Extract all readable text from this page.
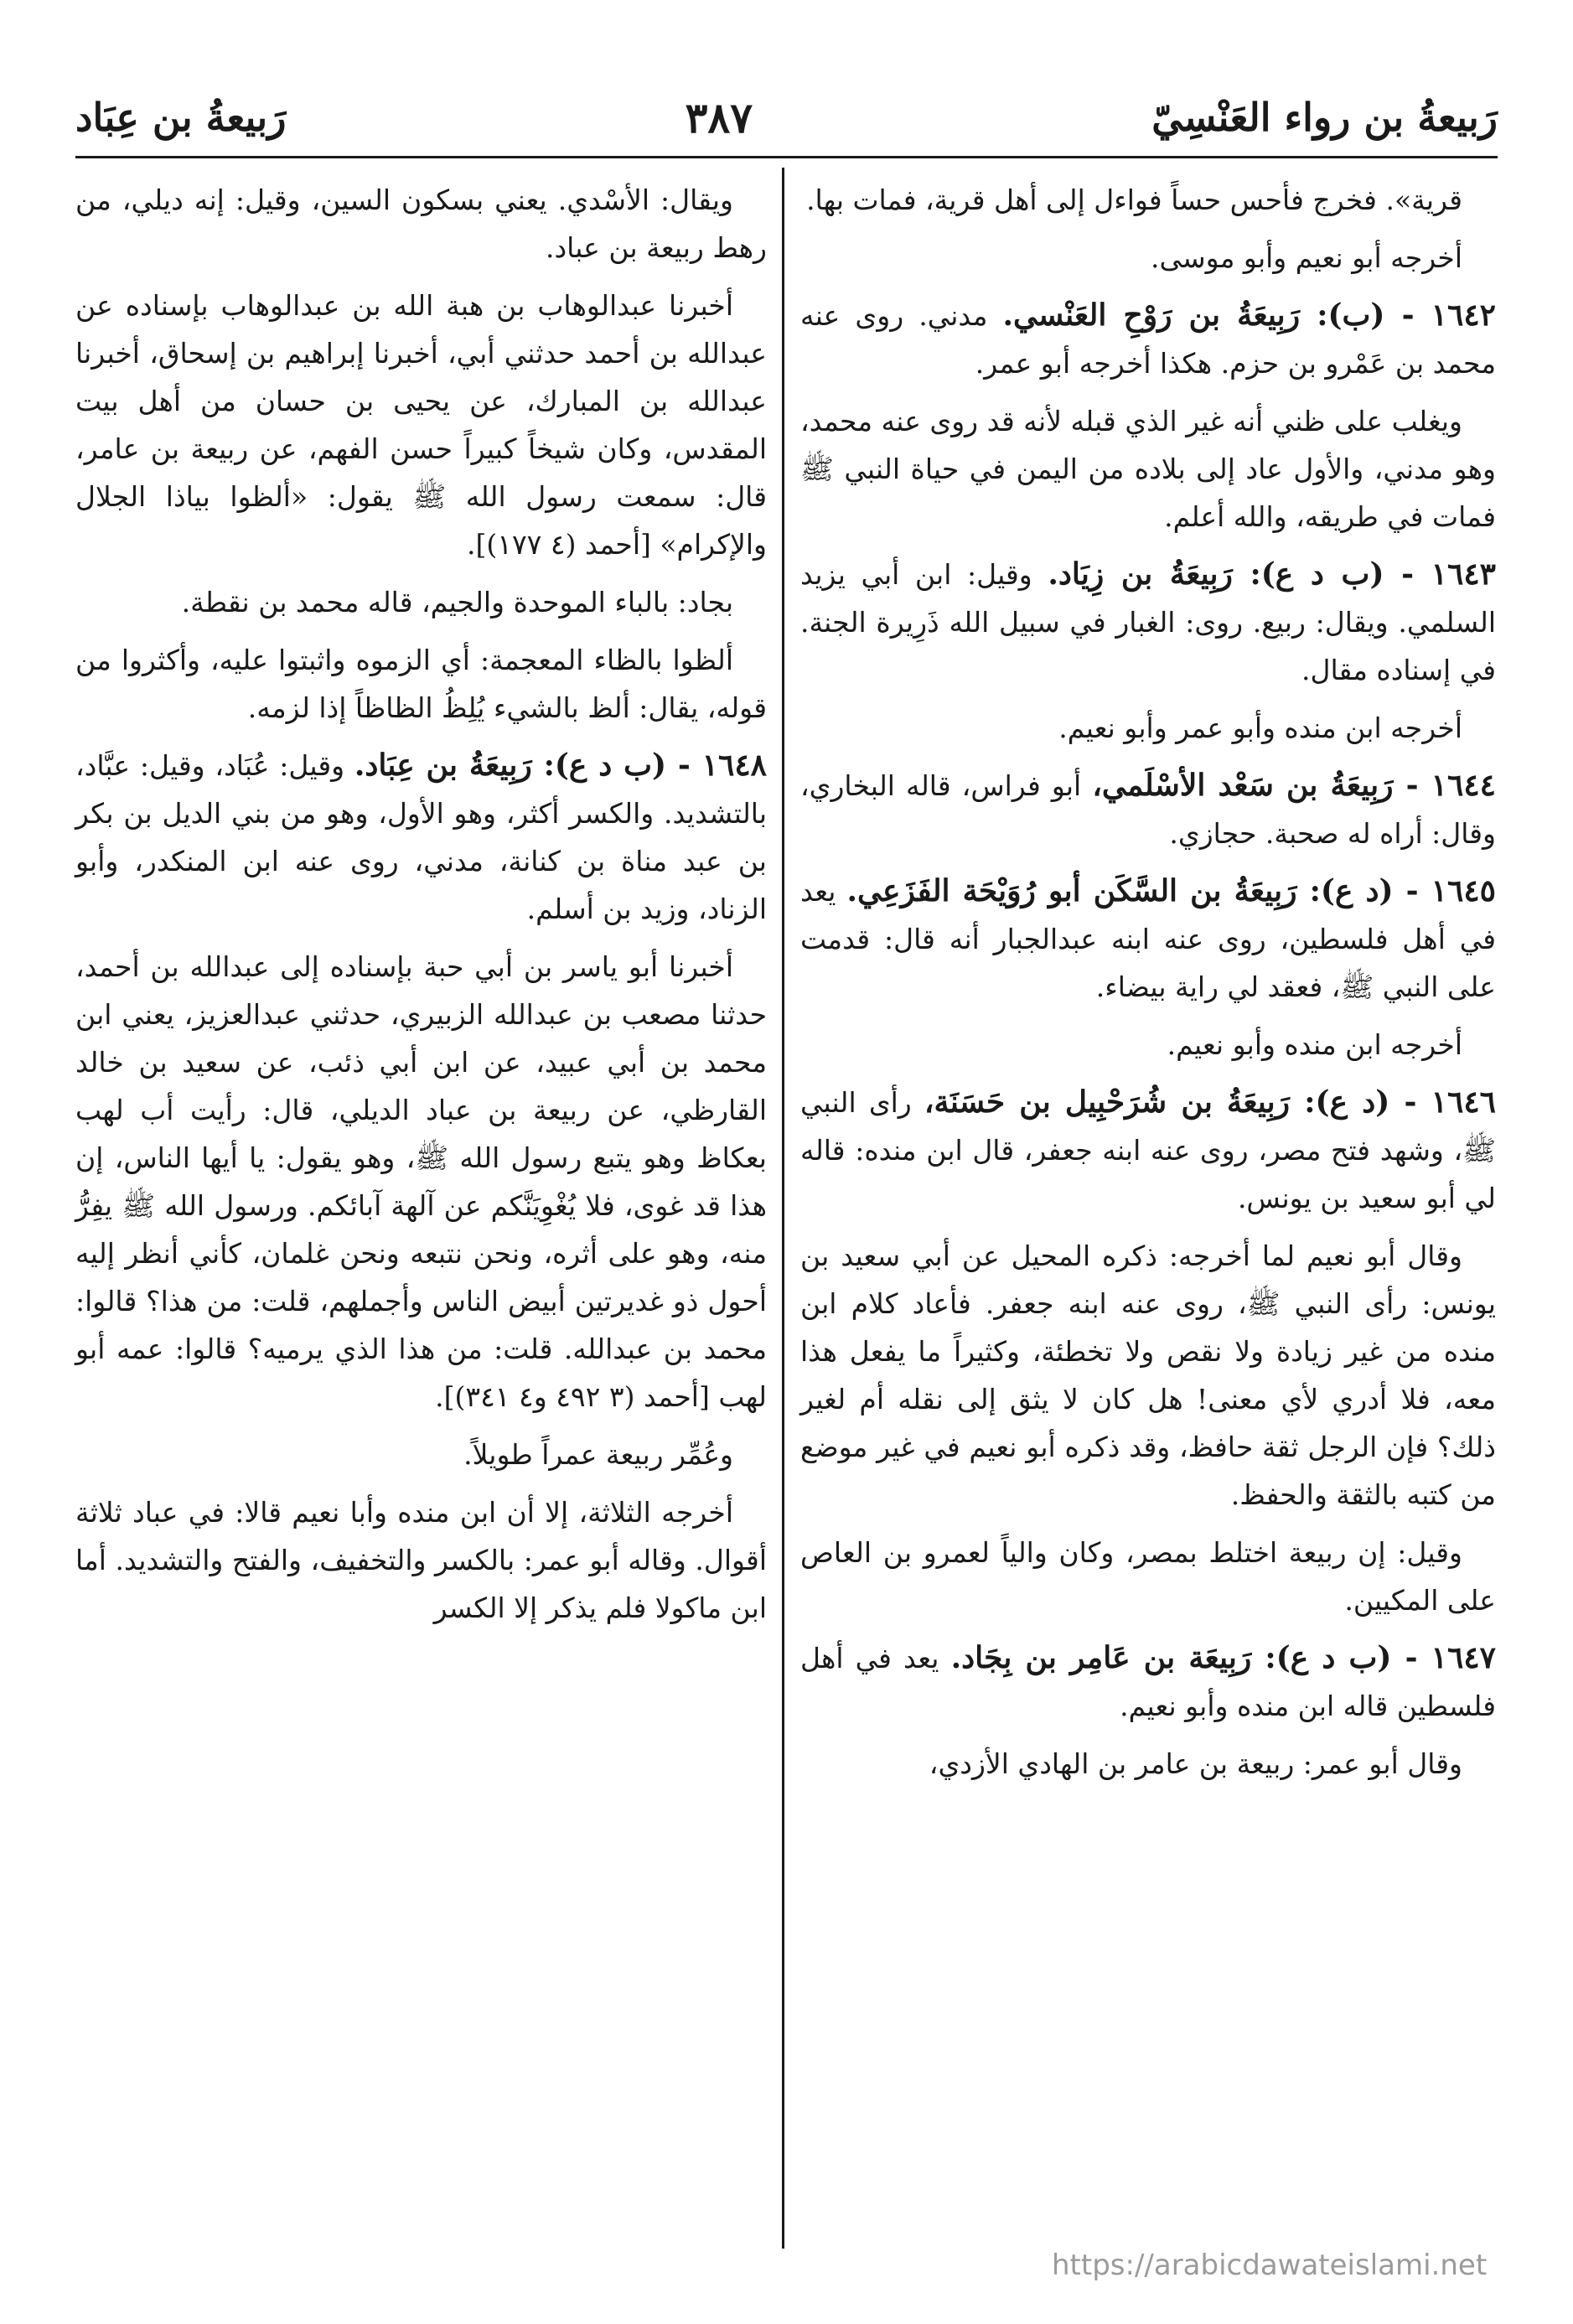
رَبيعةُ بن رواء العَنْسِيّ
٣٨٧
رَبيعةُ بن عِبَاد

قرية». فخرج فأحس حساً فواءل إلى أهل قرية، فمات بها.

أخرجه أبو نعيم وأبو موسى.

١٦٤٢ - (ب): رَبِيعَةُ بن رَوْحِ العَنْسي. مدني. روى عنه محمد بن عَمْرو بن حزم. هكذا أخرجه أبو عمر.

ويغلب على ظني أنه غير الذي قبله لأنه قد روى عنه محمد، وهو مدني، والأول عاد إلى بلاده من اليمن في حياة النبي ﷺ فمات في طريقه، والله أعلم.

١٦٤٣ - (ب د ع): رَبِيعَةُ بن زِيَاد. وقيل: ابن أبي يزيد السلمي. ويقال: ربيع. روى: الغبار في سبيل الله ذَرِيرة الجنة. في إسناده مقال.

أخرجه ابن منده وأبو عمر وأبو نعيم.

١٦٤٤ - رَبِيعَةُ بن سَعْد الأسْلَمي، أبو فراس، قاله البخاري، وقال: أراه له صحبة. حجازي.

١٦٤٥ - (د ع): رَبِيعَةُ بن السَّكَن أبو رُوَيْحَة الفَزَعِي. يعد في أهل فلسطين، روى عنه ابنه عبدالجبار أنه قال: قدمت على النبي ﷺ، فعقد لي راية بيضاء.

أخرجه ابن منده وأبو نعيم.

١٦٤٦ - (د ع): رَبِيعَةُ بن شُرَحْبِيل بن حَسَنَة، رأى النبي ﷺ، وشهد فتح مصر، روى عنه ابنه جعفر، قال ابن منده: قاله لي أبو سعيد بن يونس.

وقال أبو نعيم لما أخرجه: ذكره المحيل عن أبي سعيد بن يونس: رأى النبي ﷺ، روى عنه ابنه جعفر. فأعاد كلام ابن منده من غير زيادة ولا نقص ولا تخطئة، وكثيراً ما يفعل هذا معه، فلا أدري لأي معنى! هل كان لا يثق إلى نقله أم لغير ذلك؟ فإن الرجل ثقة حافظ، وقد ذكره أبو نعيم في غير موضع من كتبه بالثقة والحفظ.

وقيل: إن ربيعة اختلط بمصر، وكان والياً لعمرو بن العاص على المكيين.

١٦٤٧ - (ب د ع): رَبِيعَة بن عَامِر بن بِجَاد. يعد في أهل فلسطين قاله ابن منده وأبو نعيم.

وقال أبو عمر: ربيعة بن عامر بن الهادي الأزدي،

ويقال: الأسْدي. يعني بسكون السين، وقيل: إنه ديلي، من رهط ربيعة بن عباد.

أخبرنا عبدالوهاب بن هبة الله بن عبدالوهاب بإسناده عن عبدالله بن أحمد حدثني أبي، أخبرنا إبراهيم بن إسحاق، أخبرنا عبدالله بن المبارك، عن يحيى بن حسان من أهل بيت المقدس، وكان شيخاً كبيراً حسن الفهم، عن ربيعة بن عامر، قال: سمعت رسول الله ﷺ يقول: «ألظوا بياذا الجلال والإكرام» [أحمد (٤ ١٧٧)].

بجاد: بالباء الموحدة والجيم، قاله محمد بن نقطة.

ألظوا بالظاء المعجمة: أي الزموه واثبتوا عليه، وأكثروا من قوله، يقال: ألظ بالشيء يُلِظُ الظاظاً إذا لزمه.

١٦٤٨ - (ب د ع): رَبِيعَةُ بن عِبَاد. وقيل: عُبَاد، وقيل: عبَّاد، بالتشديد. والكسر أكثر، وهو الأول، وهو من بني الديل بن بكر بن عبد مناة بن كنانة، مدني، روى عنه ابن المنكدر، وأبو الزناد، وزيد بن أسلم.

أخبرنا أبو ياسر بن أبي حبة بإسناده إلى عبدالله بن أحمد، حدثنا مصعب بن عبدالله الزبيري، حدثني عبدالعزيز، يعني ابن محمد بن أبي عبيد، عن ابن أبي ذئب، عن سعيد بن خالد القارظي، عن ربيعة بن عباد الديلي، قال: رأيت أب لهب بعكاظ وهو يتبع رسول الله ﷺ، وهو يقول: يا أيها الناس، إن هذا قد غوى، فلا يُغْوِيَنَّكم عن آلهة آبائكم. ورسول الله ﷺ يفِرُّ منه، وهو على أثره، ونحن نتبعه ونحن غلمان، كأني أنظر إليه أحول ذو غديرتين أبيض الناس وأجملهم، قلت: من هذا؟ قالوا: محمد بن عبدالله. قلت: من هذا الذي يرميه؟ قالوا: عمه أبو لهب [أحمد (٣ ٤٩٢ و٤ ٣٤١)].

وعُمِّر ربيعة عمراً طويلاً.

أخرجه الثلاثة، إلا أن ابن منده وأبا نعيم قالا: في عباد ثلاثة أقوال. وقاله أبو عمر: بالكسر والتخفيف، والفتح والتشديد. أما ابن ماكولا فلم يذكر إلا الكسر

https://arabicdawateislami.net
